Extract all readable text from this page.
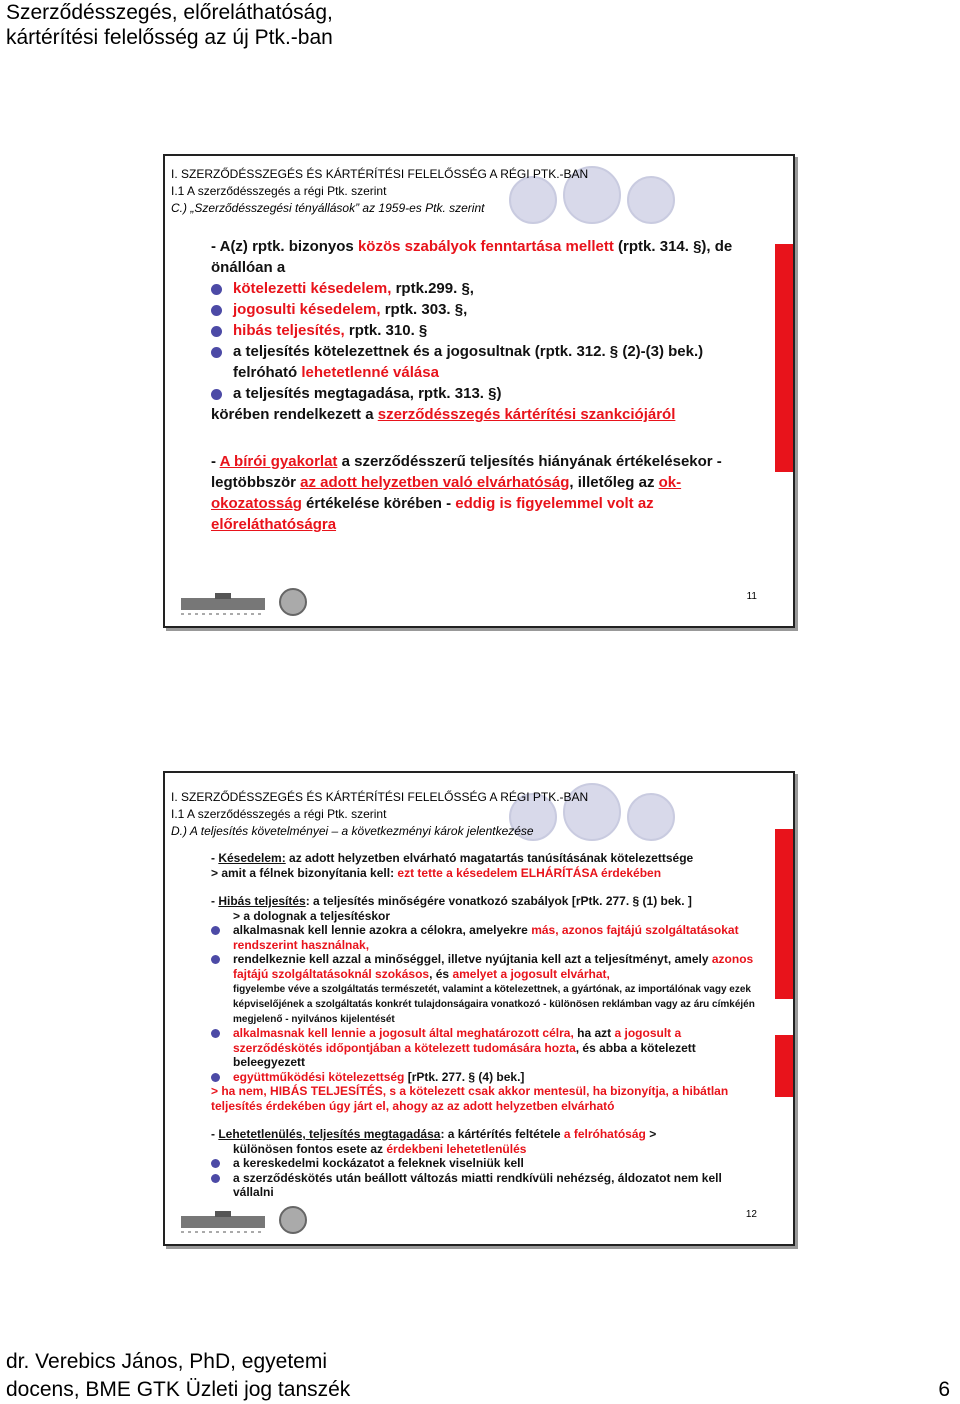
Szerződésszegés, előreláthatóság,
kártérítési felelősség az új Ptk.-ban
I. SZERZŐDÉSSZEGÉS ÉS KÁRTÉRÍTÉSI FELELŐSSÉG A RÉGI PTK.-BAN
I.1 A szerződésszegés a régi Ptk. szerint
C.) „Szerződésszegési tényállások” az 1959-es Ptk. szerint
- A(z) rptk. bizonyos közös szabályok fenntartása mellett (rptk. 314. §), de önállóan a
kötelezetti késedelem, rptk.299. §,
jogosulti késedelem, rptk. 303. §,
hibás teljesítés, rptk. 310. §
a teljesítés kötelezettnek és a jogosultnak (rptk. 312. § (2)-(3) bek.) felróható lehetetlenné válása
a teljesítés megtagadása, rptk. 313. §)
körében rendelkezett a szerződésszegés kártérítési szankciójáról
- A bírói gyakorlat a szerződésszerű teljesítés hiányának értékelésekor - legtöbbször az adott helyzetben való elvárhatóság, illetőleg az ok-okozatosság értékelése körében - eddig is figyelemmel volt az előreláthatóságra
11
I. SZERZŐDÉSSZEGÉS ÉS KÁRTÉRÍTÉSI FELELŐSSÉG A RÉGI PTK.-BAN
I.1 A szerződésszegés a régi Ptk. szerint
D.) A teljesítés követelményei – a következményi károk jelentkezése
- Késedelem: az adott helyzetben elvárható magatartás tanúsításának kötelezettsége
> amit a félnek bizonyítania kell: ezt tette a késedelem ELHÁRÍTÁSA érdekében
- Hibás teljesítés: a teljesítés minőségére vonatkozó szabályok [rPtk. 277. § (1) bek. ]
> a dolognak a teljesítéskor
alkalmasnak kell lennie azokra a célokra, amelyekre más, azonos fajtájú szolgáltatásokat rendszerint használnak,
rendelkeznie kell azzal a minőséggel, illetve nyújtania kell azt a teljesítményt, amely azonos fajtájú szolgáltatásoknál szokásos, és amelyet a jogosult elvárhat,
figyelembe véve a szolgáltatás természetét, valamint a kötelezettnek, a gyártónak, az importálónak vagy ezek képviselőjének a szolgáltatás konkrét tulajdonságaira vonatkozó - különösen reklámban vagy az áru címkéjén megjelenő - nyilvános kijelentését
alkalmasnak kell lennie a jogosult által meghatározott célra, ha azt a jogosult a szerződéskötés időpontjában a kötelezett tudomására hozta, és abba a kötelezett beleegyezett
együttműködési kötelezettség [rPtk. 277. § (4) bek.]
> ha nem, HIBÁS TELJESÍTÉS, s a kötelezett csak akkor mentesül, ha bizonyítja, a hibátlan teljesítés érdekében úgy járt el, ahogy az az adott helyzetben elvárható
- Lehetetlenülés, teljesítés megtagadása: a kártérítés feltétele a felróhatóság >
különösen fontos esete az érdekbeni lehetetlenülés
a kereskedelmi kockázatot a feleknek viselniük kell
a szerződéskötés után beállott változás miatti rendkívüli nehézség, áldozatot nem kell vállalni
12
dr. Verebics János, PhD, egyetemi
docens, BME GTK Üzleti jog tanszék	6
